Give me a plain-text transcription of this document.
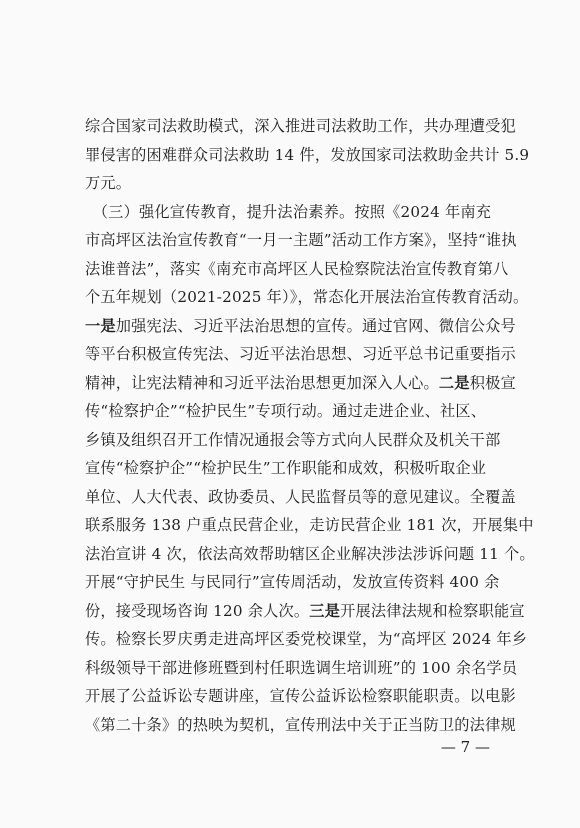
综合国家司法救助模式，深入推进司法救助工作，共办理遭受犯
罪侵害的困难群众司法救助 14 件，发放国家司法救助金共计 5.9
万元。
　（三）强化宣传教育，提升法治素养。按照《2024 年南充
市高坪区法治宣传教育“一月一主题”活动工作方案》，坚持“谁执
法谁普法”，落实《南充市高坪区人民检察院法治宣传教育第八
个五年规划（2021-2025 年）》，常态化开展法治宣传教育活动。
一是加强宪法、习近平法治思想的宣传。通过官网、微信公众号
等平台积极宣传宪法、习近平法治思想、习近平总书记重要指示
精神，让宪法精神和习近平法治思想更加深入人心。二是积极宣
传“检察护企”“检护民生”专项行动。通过走进企业、社区、
乡镇及组织召开工作情况通报会等方式向人民群众及机关干部
宣传“检察护企”“检护民生”工作职能和成效，积极听取企业
单位、人大代表、政协委员、人民监督员等的意见建议。全覆盖
联系服务 138 户重点民营企业，走访民营企业 181 次，开展集中
法治宣讲 4 次，依法高效帮助辖区企业解决涉法涉诉问题 11 个。
开展“守护民生 与民同行”宣传周活动，发放宣传资料 400 余
份，接受现场咨询 120 余人次。三是开展法律法规和检察职能宣
传。检察长罗庆勇走进高坪区委党校课堂，为“高坪区 2024 年乡
科级领导干部进修班暨到村任职选调生培训班”的 100 余名学员
开展了公益诉讼专题讲座，宣传公益诉讼检察职能职责。以电影
《第二十条》的热映为契机，宣传刑法中关于正当防卫的法律规
— 7 —
